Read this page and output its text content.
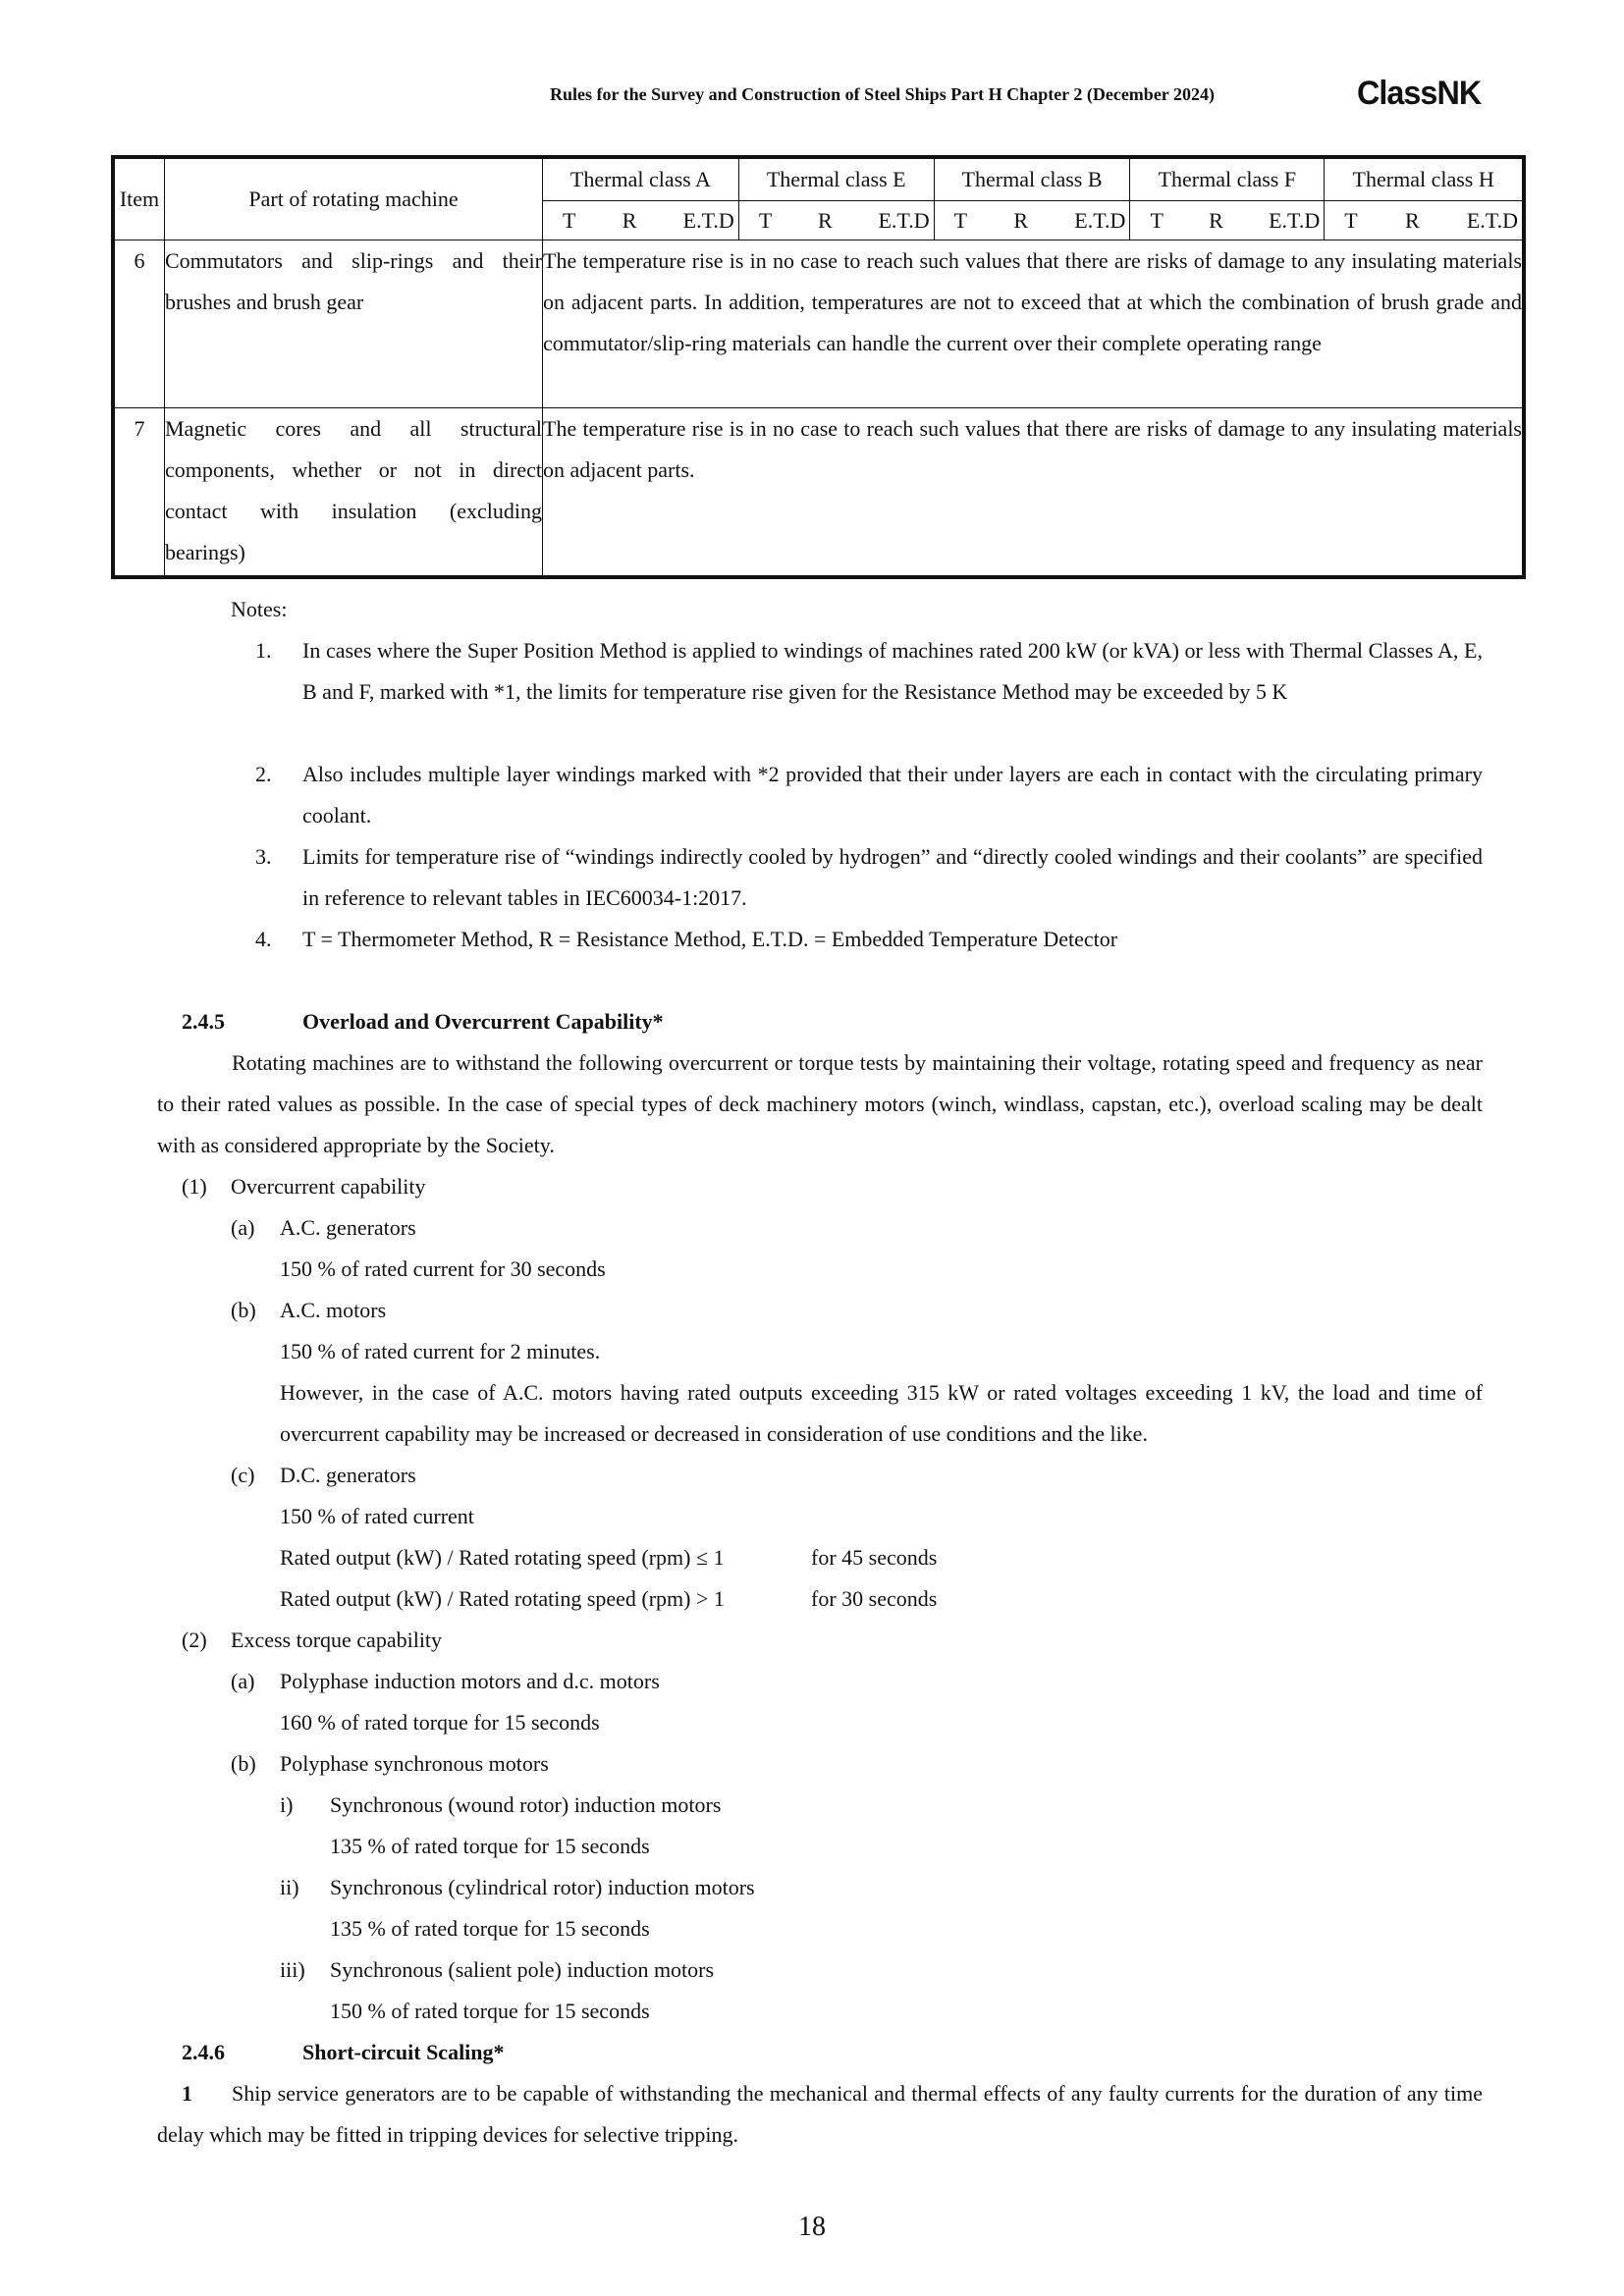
Rules for the Survey and Construction of Steel Ships Part H Chapter 2 (December 2024)	ClassNK
Item	Part of rotating machine	Thermal class A	Thermal class E	Thermal class B	Thermal class F	Thermal class H

		T R E.T.D	T R E.T.D	T R E.T.D	T R E.T.D	T R E.T.D

6	Commutators and slip-rings and their brushes and brush gear	The temperature rise is in no case to reach such values that there are risks of damage to any insulating materials on adjacent parts. In addition, temperatures are not to exceed that at which the combination of brush grade and commutator/slip-ring materials can handle the current over their complete operating range				
7	Magnetic cores and all structural components, whether or not in direct contact with insulation (excluding bearings)	The temperature rise is in no case to reach such values that there are risks of damage to any insulating materials on adjacent parts.				
Notes:
1. In cases where the Super Position Method is applied to windings of machines rated 200 kW (or kVA) or less with Thermal Classes A, E, B and F, marked with *1, the limits for temperature rise given for the Resistance Method may be exceeded by 5 K
2. Also includes multiple layer windings marked with *2 provided that their under layers are each in contact with the circulating primary coolant.
3. Limits for temperature rise of “windings indirectly cooled by hydrogen” and “directly cooled windings and their coolants” are specified in reference to relevant tables in IEC60034-1:2017.
4. T = Thermometer Method, R = Resistance Method, E.T.D. = Embedded Temperature Detector
2.4.5	Overload and Overcurrent Capability*
Rotating machines are to withstand the following overcurrent or torque tests by maintaining their voltage, rotating speed and frequency as near to their rated values as possible. In the case of special types of deck machinery motors (winch, windlass, capstan, etc.), overload scaling may be dealt with as considered appropriate by the Society.
(1) Overcurrent capability
(a) A.C. generators
150 % of rated current for 30 seconds
(b) A.C. motors
150 % of rated current for 2 minutes.
However, in the case of A.C. motors having rated outputs exceeding 315 kW or rated voltages exceeding 1 kV, the load and time of overcurrent capability may be increased or decreased in consideration of use conditions and the like.
(c) D.C. generators
150 % of rated current
Rated output (kW) / Rated rotating speed (rpm) ≤ 1	for 45 seconds
Rated output (kW) / Rated rotating speed (rpm) > 1	for 30 seconds
(2) Excess torque capability
(a) Polyphase induction motors and d.c. motors
160 % of rated torque for 15 seconds
(b) Polyphase synchronous motors
i) Synchronous (wound rotor) induction motors
135 % of rated torque for 15 seconds
ii) Synchronous (cylindrical rotor) induction motors
135 % of rated torque for 15 seconds
iii) Synchronous (salient pole) induction motors
150 % of rated torque for 15 seconds
2.4.6	Short-circuit Scaling*
1	Ship service generators are to be capable of withstanding the mechanical and thermal effects of any faulty currents for the duration of any time delay which may be fitted in tripping devices for selective tripping.
18
